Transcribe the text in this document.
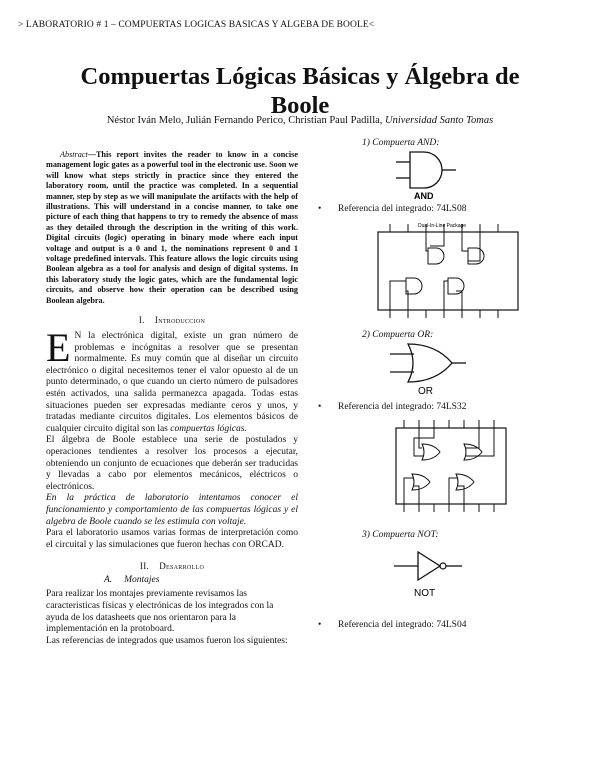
> LABORATORIO # 1 – COMPUERTAS LOGICAS BASICAS Y ALGEBA DE BOOLE<
Compuertas Lógicas Básicas y Álgebra de
Boole
Néstor Iván Melo, Julián Fernando Perico, Christian Paul Padilla, Universidad Santo Tomas

Abstract—This report invites the reader to know in a concise management logic gates as a powerful tool in the electronic use. Soon we will know what steps strictly in practice since they entered the laboratory room, until the practice was completed. In a sequential manner, step by step as we will manipulate the artifacts with the help of illustrations. This will understand in a concise manner, to take one picture of each thing that happens to try to remedy the absence of mass as they detailed through the description in the writing of this work. Digital circuits (logic) operating in binary mode where each input voltage and output is a 0 and 1, the nominations represent 0 and 1 voltage predefined intervals. This feature allows the logic circuits using Boolean algebra as a tool for analysis and design of digital systems. In this laboratory study the logic gates, which are the fundamental logic circuits, and observe how their operation can be described using Boolean algebra.

I. Introduccion

E N la electrónica digital, existe un gran número de problemas e incógnitas a resolver que se presentan normalmente. Es muy común que al diseñar un circuito electrónico o digital necesitemos tener el valor opuesto al de un punto determinado, o que cuando un cierto número de pulsadores estén activados, una salida permanezca apagada. Todas estas situaciones pueden ser expresadas mediante ceros y unos, y tratadas mediante circuitos digitales. Los elementos básicos de cualquier circuito digital son las compuertas lógicas.

El álgebra de Boole establece una serie de postulados y operaciones tendientes a resolver los procesos a ejecutar, obteniendo un conjunto de ecuaciones que deberán ser traducidas y llevadas a cabo por elementos mecánicos, eléctricos o electrónicos.

En la práctica de laboratorio intentamos conocer el funcionamiento y comportamiento de las compuertas lógicas y el algebra de Boole cuando se les estimula con voltaje.

Para el laboratorio usamos varias formas de interpretación como el circuital y las simulaciones que fueron hechas con ORCAD.

II. Desarrollo

A. Montajes

Para realizar los montajes previamente revisamos las caracteristicas físicas y electrónicas de los integrados con la ayuda de los datasheets que nos orientaron para la implementación en la protoboard.

Las referencias de integrados que usamos fueron los siguientes:

1) Compuerta AND:

AND

• Referencia del integrado: 74LS08

Dual-In-Line Package

2) Compuerta OR:

OR

• Referencia del integrado: 74LS32

3) Compuerta NOT:

NOT

• Referencia del integrado: 74LS04
